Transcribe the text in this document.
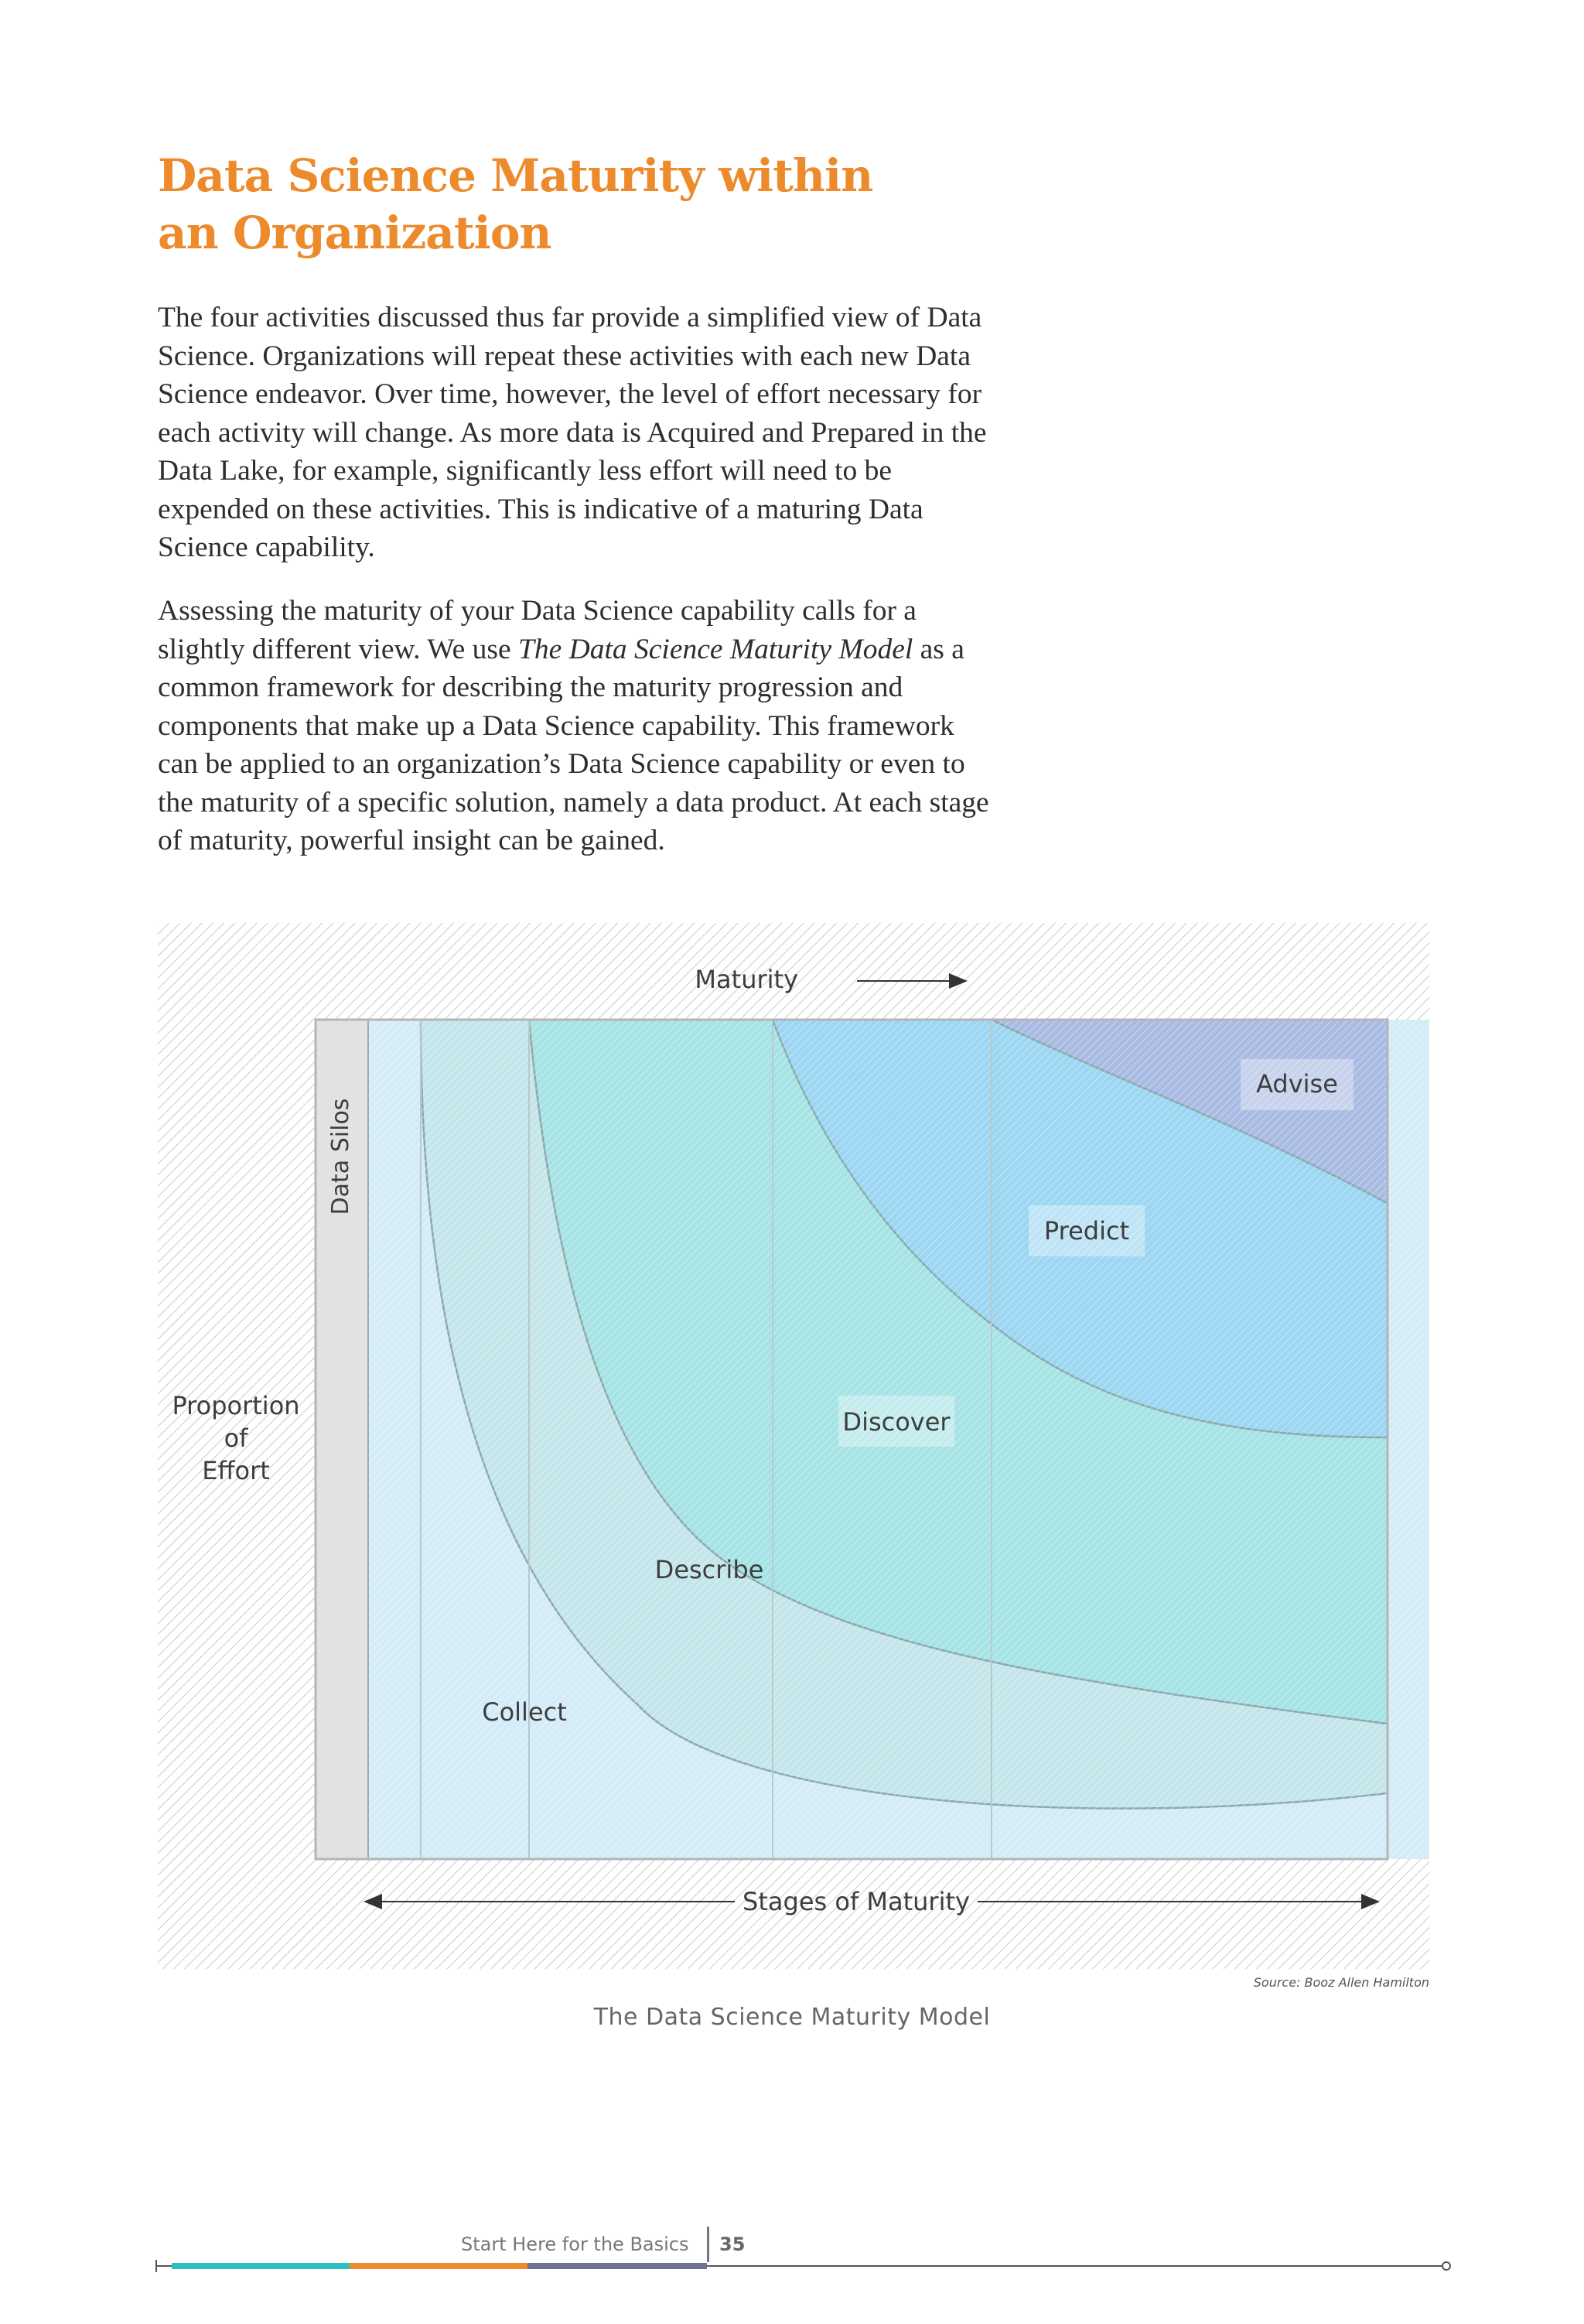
Data Science Maturity within
an Organization

The four activities discussed thus far provide a simplified view of Data Science. Organizations will repeat these activities with each new Data Science endeavor. Over time, however, the level of effort necessary for each activity will change. As more data is Acquired and Prepared in the Data Lake, for example, significantly less effort will need to be expended on these activities. This is indicative of a maturing Data Science capability.

Assessing the maturity of your Data Science capability calls for a slightly different view. We use The Data Science Maturity Model as a common framework for describing the maturity progression and components that make up a Data Science capability. This framework can be applied to an organization’s Data Science capability or even to the maturity of a specific solution, namely a data product. At each stage of maturity, powerful insight can be gained.

Data Silos
Advise
Predict
Discover
Describe
Collect
Maturity
Proportion
of
Effort
Stages of Maturity
Source: Booz Allen Hamilton
The Data Science Maturity Model
Start Here for the Basics 35
